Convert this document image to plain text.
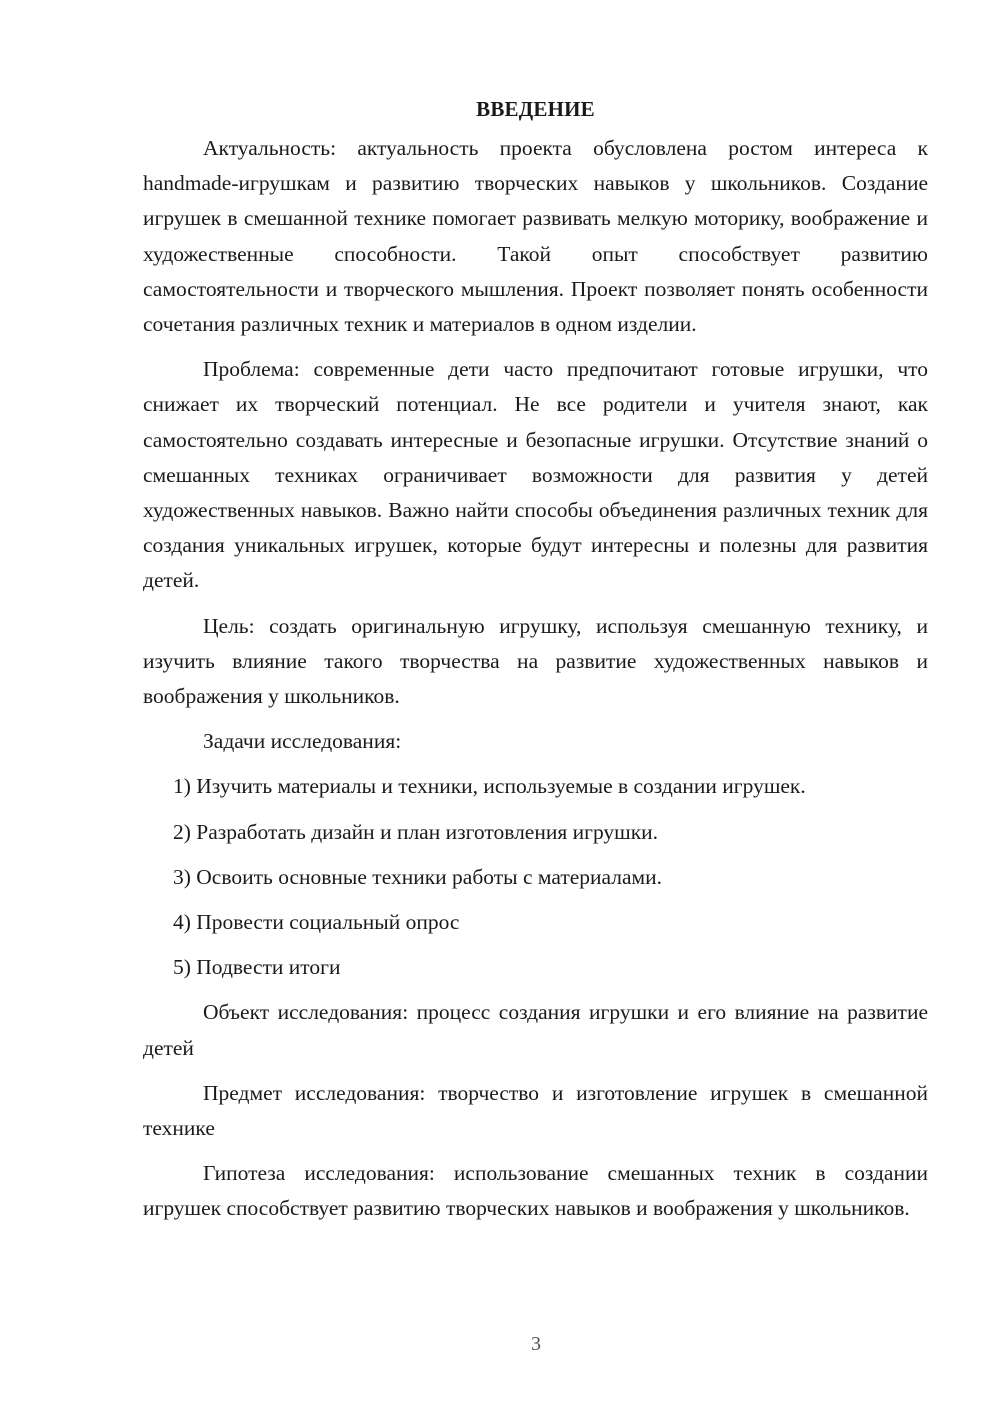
ВВЕДЕНИЕ

Актуальность: актуальность проекта обусловлена ростом интереса к handmade-игрушкам и развитию творческих навыков у школьников. Создание игрушек в смешанной технике помогает развивать мелкую моторику, воображение и художественные способности. Такой опыт способствует развитию самостоятельности и творческого мышления. Проект позволяет понять особенности сочетания различных техник и материалов в одном изделии.

Проблема: современные дети часто предпочитают готовые игрушки, что снижает их творческий потенциал. Не все родители и учителя знают, как самостоятельно создавать интересные и безопасные игрушки. Отсутствие знаний о смешанных техниках ограничивает возможности для развития у детей художественных навыков. Важно найти способы объединения различных техник для создания уникальных игрушек, которые будут интересны и полезны для развития детей.

Цель: создать оригинальную игрушку, используя смешанную технику, и изучить влияние такого творчества на развитие художественных навыков и воображения у школьников.

Задачи исследования:

1) Изучить материалы и техники, используемые в создании игрушек.
2) Разработать дизайн и план изготовления игрушки.
3) Освоить основные техники работы с материалами.
4) Провести социальный опрос
5) Подвести итоги

Объект исследования: процесс создания игрушки и его влияние на развитие детей

Предмет исследования: творчество и изготовление игрушек в смешанной технике

Гипотеза исследования: использование смешанных техник в создании игрушек способствует развитию творческих навыков и воображения у школьников.

3
